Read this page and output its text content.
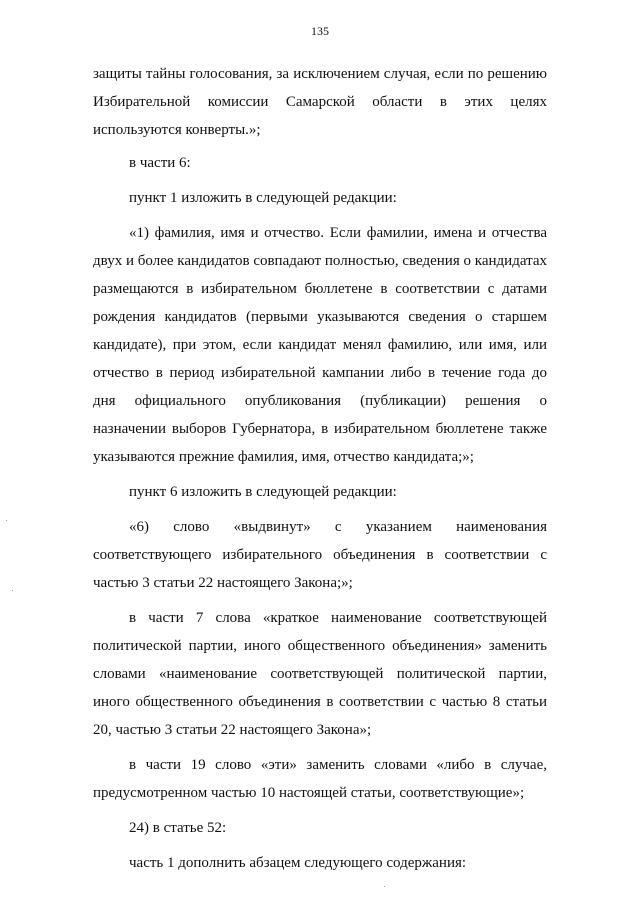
135

защиты тайны голосования, за исключением случая, если по решению Избирательной комиссии Самарской области в этих целях используются конверты.»;

в части 6:

пункт 1 изложить в следующей редакции:

«1) фамилия, имя и отчество. Если фамилии, имена и отчества двух и более кандидатов совпадают полностью, сведения о кандидатах размещаются в избирательном бюллетене в соответствии с датами рождения кандидатов (первыми указываются сведения о старшем кандидате), при этом, если кандидат менял фамилию, или имя, или отчество в период избирательной кампании либо в течение года до дня официального опубликования (публикации) решения о назначении выборов Губернатора, в избирательном бюллетене также указываются прежние фамилия, имя, отчество кандидата;»;

пункт 6 изложить в следующей редакции:

«6) слово «выдвинут» с указанием наименования соответствующего избирательного объединения в соответствии с частью 3 статьи 22 настоящего Закона;»;

в части 7 слова «краткое наименование соответствующей политической партии, иного общественного объединения» заменить словами «наименование соответствующей политической партии, иного общественного объединения в соответствии с частью 8 статьи 20, частью 3 статьи 22 настоящего Закона»;

в части 19 слово «эти» заменить словами «либо в случае, предусмотренном частью 10 настоящей статьи, соответствующие»;

24) в статье 52:

часть 1 дополнить абзацем следующего содержания:
